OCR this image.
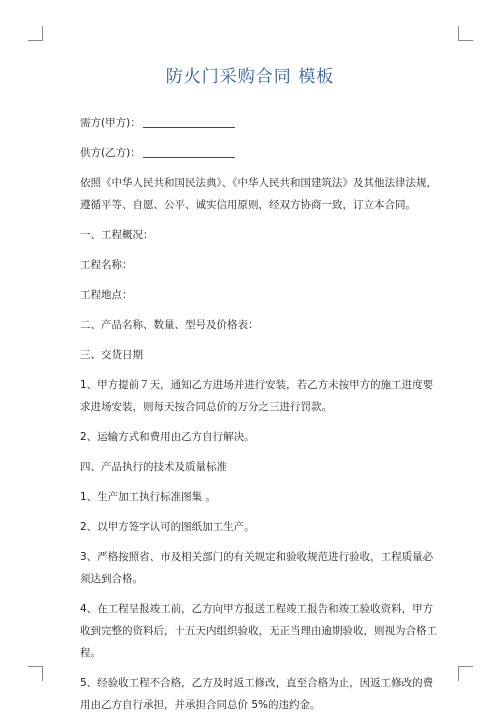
防火门采购合同 模板

需方(甲方)：

供方(乙方)：

依照《中华人民共和国民法典》、《中华人民共和国建筑法》及其他法律法规，遵循平等、自愿、公平、诚实信用原则，经双方协商一致，订立本合同。

一、工程概况：

工程名称：

工程地点：

二、产品名称、数量、型号及价格表：

三、交货日期

1、甲方提前７天，通知乙方进场并进行安装，若乙方未按甲方的施工进度要求进场安装，则每天按合同总价的万分之三进行罚款。

2、运输方式和费用由乙方自行解决。

四、产品执行的技术及质量标准

1、生产加工执行标准图集 。

2、以甲方签字认可的图纸加工生产。

3、严格按照省、市及相关部门的有关规定和验收规范进行验收，工程质量必须达到合格。

4、在工程呈报竣工前，乙方向甲方报送工程竣工报告和竣工验收资料，甲方收到完整的资料后，十五天内组织验收，无正当理由逾期验收，则视为合格工程。

5、经验收工程不合格，乙方及时返工修改，直至合格为止，因返工修改的费用由乙方自行承担，并承担合同总价 5%的违约金。
